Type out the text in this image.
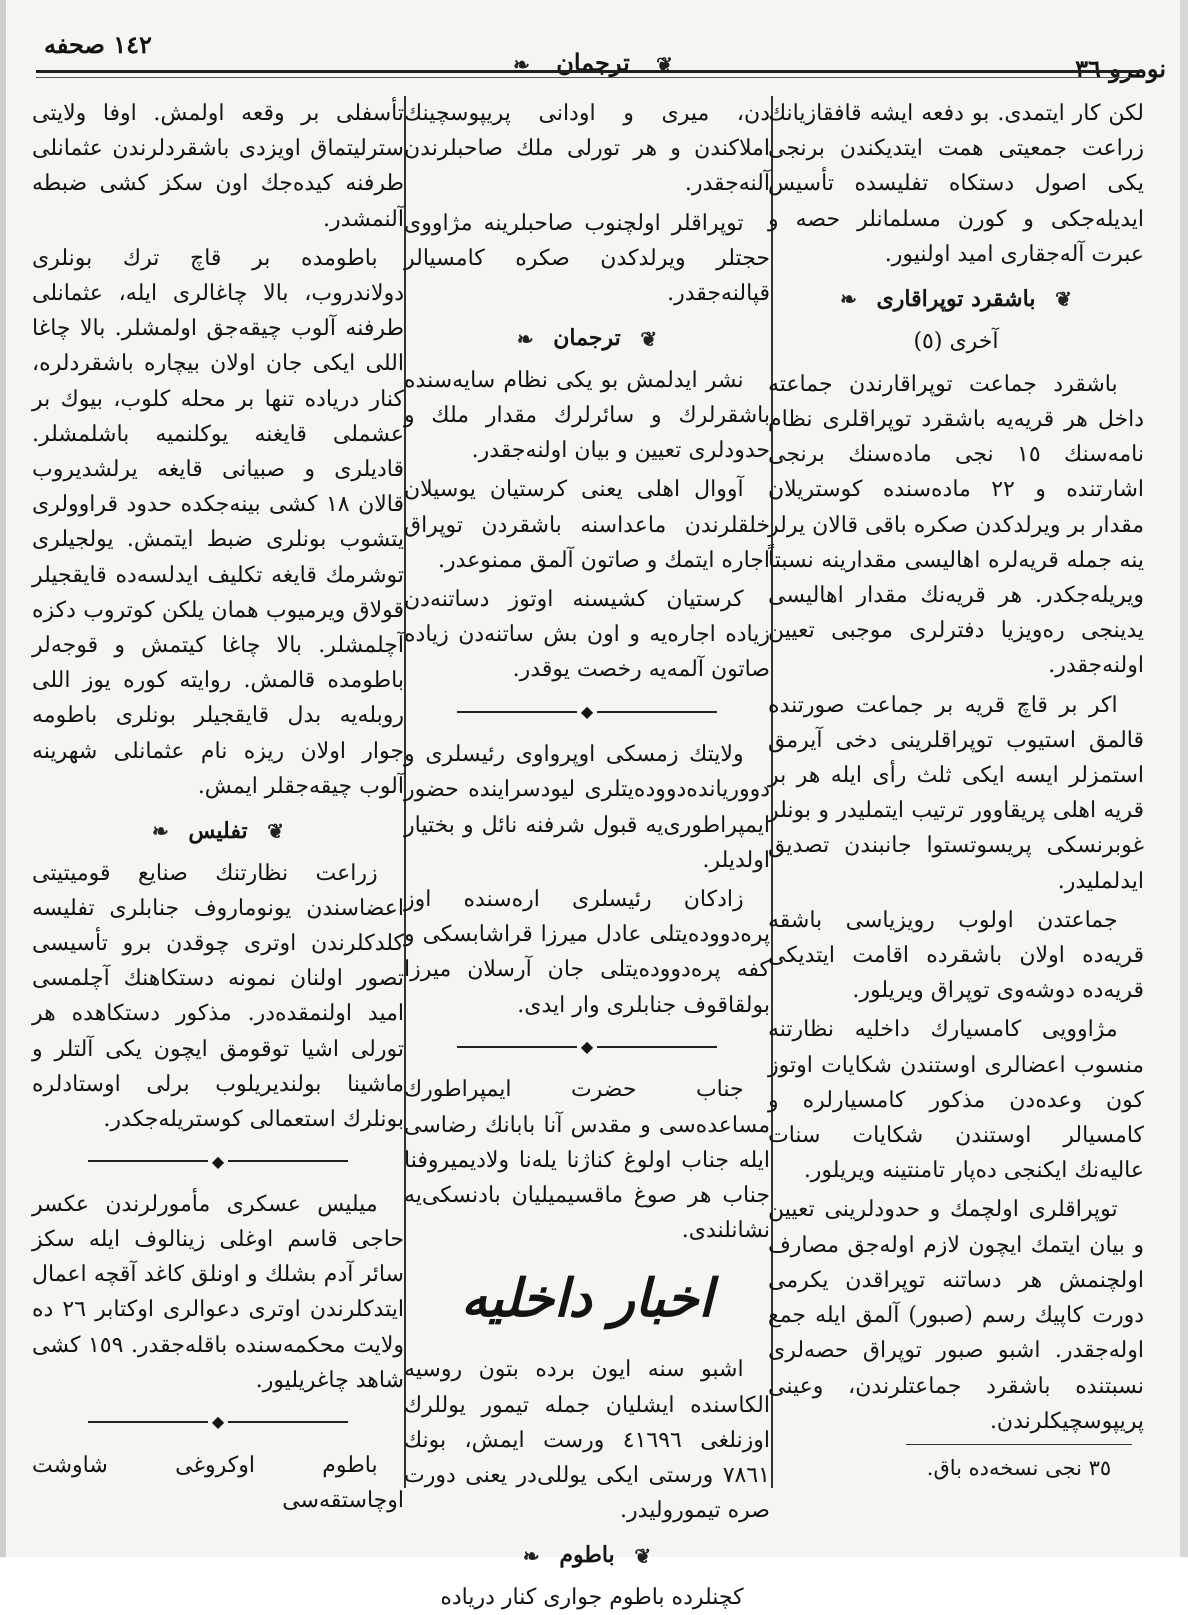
١٤٢ صحفه
نومرو ٣٦
❦ ترجمان ❧

لكن كار ايتمدى. بو دفعه ايشه قافقازيانك زراعت جمعيتى همت ايتديكندن برنجى يكى اصول دستكاه تفليسده تأسيس ايديله‌جكى و كورن مسلمانلر حصه و عبرت آله‌جقارى اميد اولنيور.

❦ باشقرد توپراقارى ❧
آخرى (٥)

باشقرد جماعت توپراقارندن جماعته داخل هر قريه‌يه باشقرد توپراقلرى نظام نامه‌سنك ١٥ نجى ماده‌سنك برنجى اشارتنده و ٢٢ ماده‌سنده كوستريلان مقدار بر ويرلدكدن صكره باقى قالان يرلر ينه جمله قريه‌لره اهاليسى مقدارينه نسبتاً ويريله‌جكدر. هر قريه‌نك مقدار اهاليسى يدينجى رەويزيا دفترلرى موجبى تعيين اولنه‌جقدر.

اكر بر قاچ قريه بر جماعت صورتنده قالمق استيوب توپراقلرينى دخى آيرمق استمزلر ايسه ايكى ثلث رأى ايله هر بر قريه اهلى پريقاوور ترتيب ايتمليدر و بونلر غوبرنسكى پريسوتستوا جانبندن تصديق ايدلمليدر.

جماعتدن اولوب رويزياسى باشقه قريه‌ده اولان باشقرده اقامت ايتديكى قريه‌ده دوشه‌وى توپراق ويريلور.

مژاوويى كامسيارك داخليه نظارتنه منسوب اعضالرى اوستندن شكايات اوتوز كون وعده‌دن مذكور كامسيارلره و كامسيالر اوستندن شكايات سنات عاليه‌نك ايكنجى دەپار تامنتينه ويريلور.

توپراقلرى اولچمك و حدودلرينى تعيين و بيان ايتمك ايچون لازم اوله‌جق مصارف اولچنمش هر دساتنه توپراقدن يكرمى دورت كاپيك رسم (صبور) آلمق ايله جمع اوله‌جقدر. اشبو صبور توپراق حصه‌لرى نسبتنده باشقرد جماعتلرندن، وعينى پريپوسچيكلرندن.

دن، ميرى و اودانى پريپوسچينك املاكندن و هر تورلى ملك صاحبلرندن آلنه‌جقدر.

توپراقلر اولچنوب صاحبلرينه مژاووى حجتلر ويرلدكدن صكره كامسيالر قپالنه‌جقدر.

❦ ترجمان ❧

نشر ايدلمش بو يكى نظام سايه‌سنده باشقرلرك و سائرلرك مقدار ملك و حدودلرى تعيين و بيان اولنه‌جقدر.

آووال اهلى يعنى كرستيان يوسيلان خلقلرندن ماعداسنه باشقردن توپراق اجاره ايتمك و صاتون آلمق ممنوعدر.

كرستيان كشيسنه اوتوز دساتنه‌دن زياده اجاره‌يه و اون بش ساتنه‌دن زياده صاتون آلمه‌يه رخصت يوقدر.

◆

ولايتك زمسكى اوپرواوى رئيسلرى و دوورياندەدوودەيتلرى ليودسراينده حضور ايمپراطورى‌يه قبول شرفنه نائل و بختيار اولديلر.

زادكان رئيسلرى ارەسنده اوز پرەدوودەيتلى عادل ميرزا قراشابسكى و كفه پرەدوودەيتلى جان آرسلان ميرزا بولقاقوف جنابلرى وار ايدى.

◆

جناب حضرت ايمپراطورك مساعده‌سى و مقدس آنا بابانك رضاسى ايله جناب اولوغ كناژنا يلەنا ولاديميروفنا جناب هر صوغ ماقسيميليان بادنسكى‌يه نشانلندى.

اخبار داخليه

اشبو سنه ايون برده بتون روسيه الكاسنده ايشليان جمله تيمور يوللرك اوزنلغى ٤١٦٩٦ ورست ايمش، بونك ٧٨٦١ ورستى ايكى يوللى‌در يعنى دورت صره تيموروليدر.

❦ باطوم ❧

كچنلرده باطوم جوارى كنار درياده

تأسفلى بر وقعه اولمش. اوفا ولايتى سترليتماق اويزدى باشقردلرندن عثمانلى طرفنه كيده‌جك اون سكز كشى ضبطه آلنمشدر.

باطومده بر قاچ ترك بونلرى دولاندروب، بالا چاغالرى ايله، عثمانلى طرفنه آلوب چيقه‌جق اولمشلر. بالا چاغا اللى ايكى جان اولان بيچاره باشقردلره، كنار درياده تنها بر محله كلوب، بيوك بر عشملى قايغنه يوكلنميه باشلمشلر. قاديلرى و صبيانى قايغه يرلشديروب قالان ١٨ كشى بينه‌جكده حدود قراوولرى يتشوب بونلرى ضبط ايتمش. يولجيلرى توشرمك قايغه تكليف ايدلسه‌ده قايقجيلر قولاق ويرميوب همان يلكن كوتروب دكزه آچلمشلر. بالا چاغا كيتمش و قوجه‌لر باطومده قالمش. روايته كوره يوز اللى روبله‌يه بدل قايقجيلر بونلرى باطومه جوار اولان ريزه نام عثمانلى شهرينه آلوب چيقه‌جقلر ايمش.

❦ تفليس ❧

زراعت نظارتنك صنايع قوميتيتى اعضاسندن يونوماروف جنابلرى تفليسه كلدكلرندن اوترى چوقدن برو تأسيسى تصور اولنان نمونه دستكاهنك آچلمسى اميد اولنمقده‌در. مذكور دستكاهده هر تورلى اشيا توقومق ايچون يكى آلتلر و ماشينا بولنديريلوب برلى اوستادلره بونلرك استعمالى كوستريله‌جكدر.

◆

ميليس عسكرى مأمورلرندن عكسر حاجى قاسم اوغلى زينالوف ايله سكز سائر آدم بشلك و اونلق كاغد آقچه اعمال ايتدكلرندن اوترى دعوالرى اوكتابر ٢٦ ده ولايت محكمه‌سنده باقله‌جقدر. ١٥٩ كشى شاهد چاغريليور.

◆

باطوم اوكروغى شاوشت اوچاستقه‌سى

٣٥ نجى نسخه‌ده باق.
